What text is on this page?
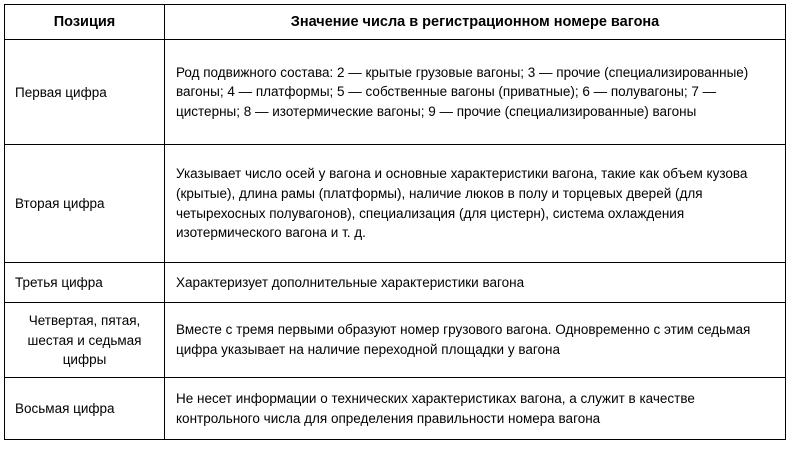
Позиция	Значение числа в регистрационном номере вагона
Первая цифра	Род подвижного состава: 2 — крытые грузовые вагоны; 3 — прочие (специализированные) вагоны; 4 — платформы; 5 — собственные вагоны (приватные); 6 — полувагоны; 7 — цистерны; 8 — изотермические вагоны; 9 — прочие (специализированные) вагоны
Вторая цифра	Указывает число осей у вагона и основные характеристики вагона, такие как объем кузова (крытые), длина рамы (платформы), наличие люков в полу и торцевых дверей (для четырехосных полувагонов), специализация (для цистерн), система охлаждения изотермического вагона и т. д.
Третья цифра	Характеризует дополнительные характеристики вагона
Четвертая, пятая, шестая и седьмая цифры	Вместе с тремя первыми образуют номер грузового вагона. Одновременно с этим седьмая цифра указывает на наличие переходной площадки у вагона
Восьмая цифра	Не несет информации о технических характеристиках вагона, а служит в качестве контрольного числа для определения правильности номера вагона
